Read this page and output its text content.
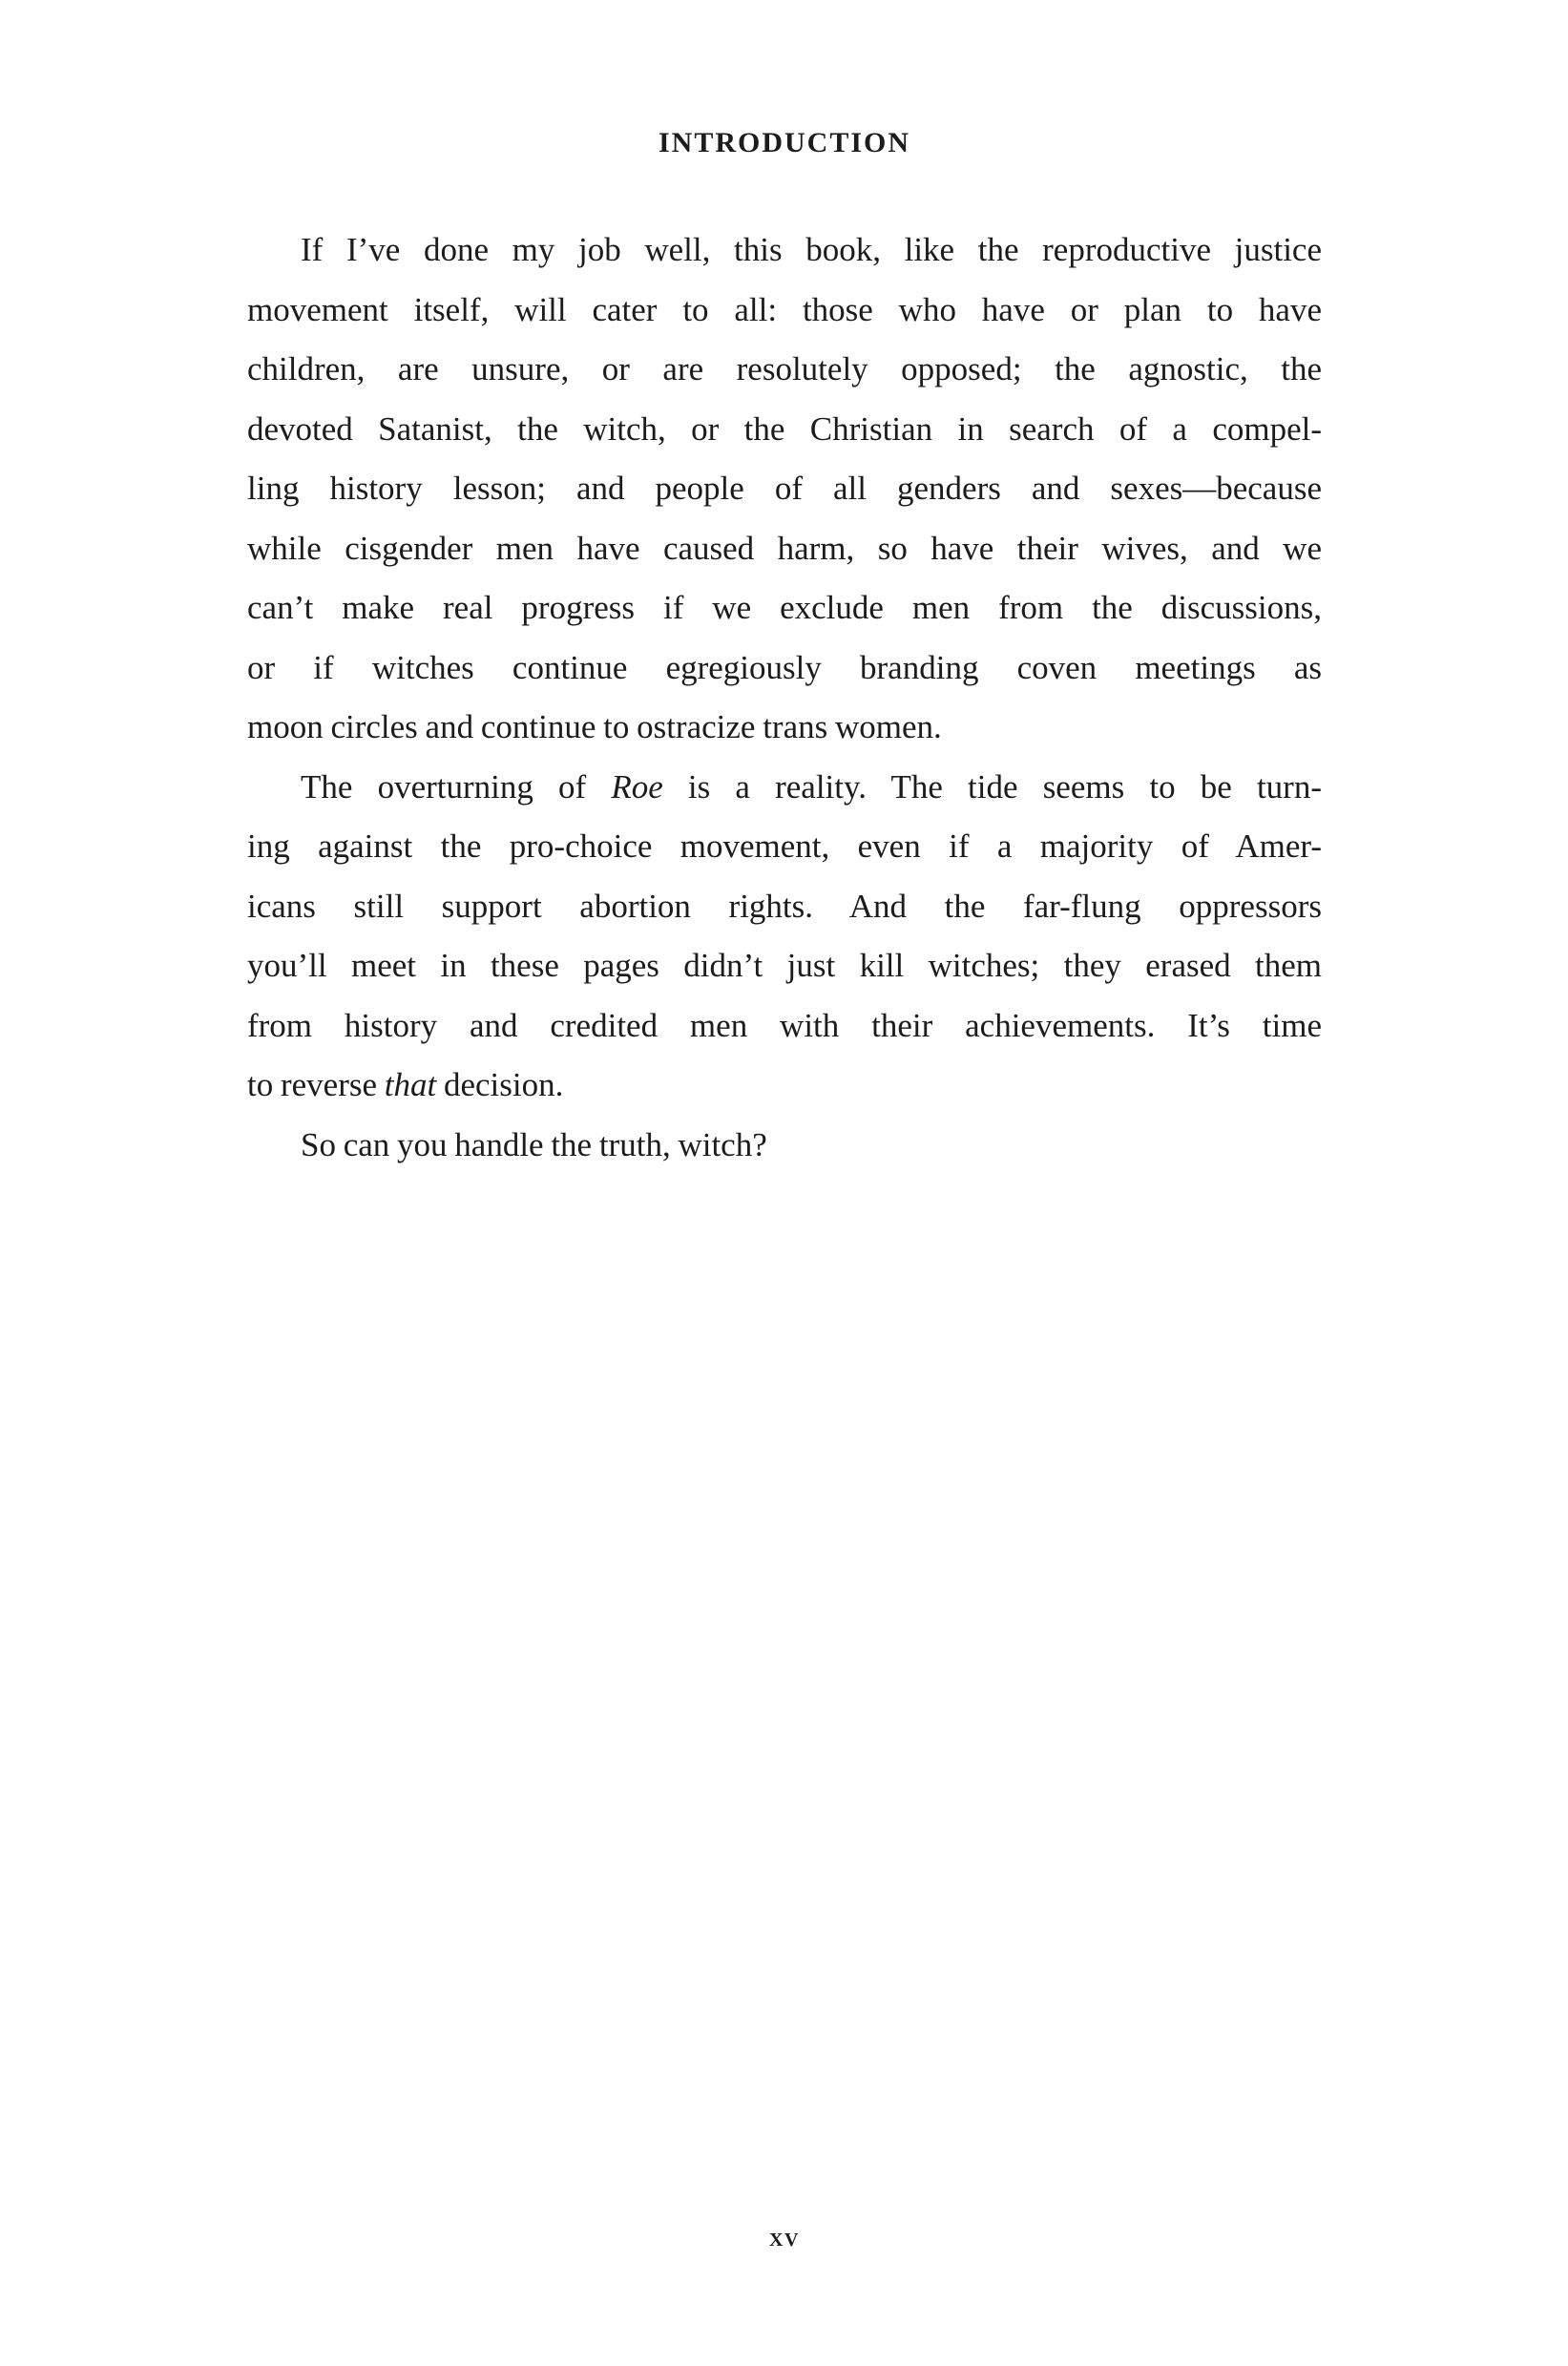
INTRODUCTION
If I’ve done my job well, this book, like the reproductive justice
movement itself, will cater to all: those who have or plan to have
children, are unsure, or are resolutely opposed; the agnostic, the
devoted Satanist, the witch, or the Christian in search of a compel-
ling history lesson; and people of all genders and sexes—because
while cisgender men have caused harm, so have their wives, and we
can’t make real progress if we exclude men from the discussions,
or if witches continue egregiously branding coven meetings as
moon circles and continue to ostracize trans women.
The overturning of Roe is a reality. The tide seems to be turn-
ing against the pro-choice movement, even if a majority of Amer-
icans still support abortion rights. And the far-flung oppressors
you’ll meet in these pages didn’t just kill witches; they erased them
from history and credited men with their achievements. It’s time
to reverse that decision.
So can you handle the truth, witch?
XV
